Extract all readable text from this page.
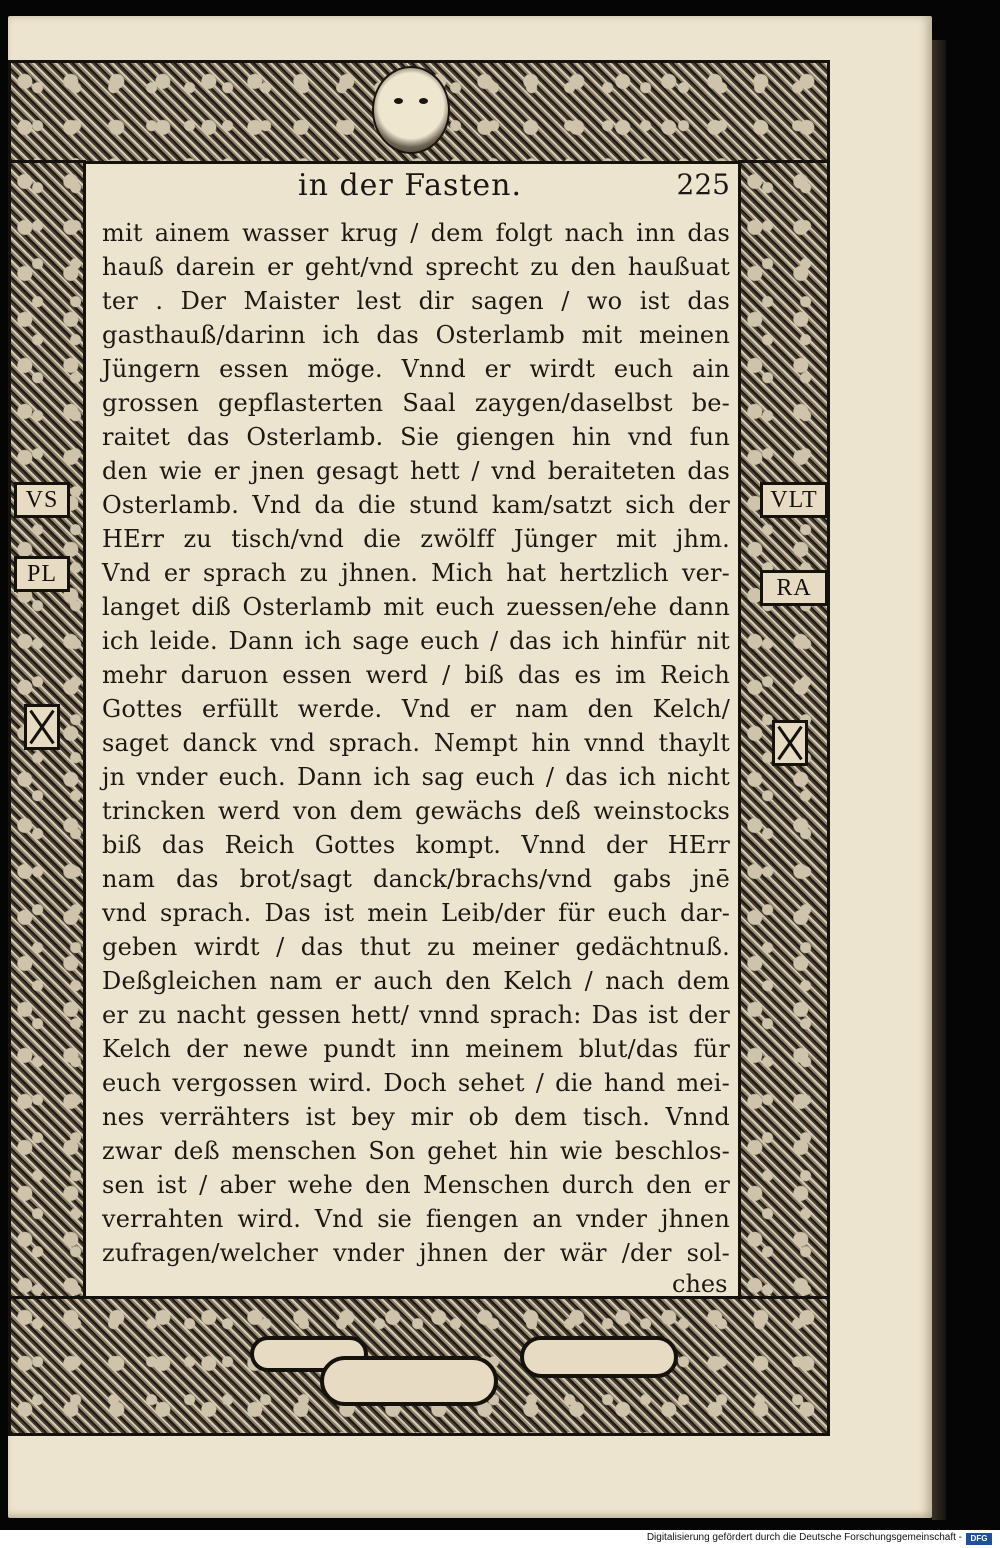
VS
PL
VLT
RA
in der Fasten.	225
mit ainem wasser krug / dem folgt nach inn das
hauß darein er geht/vnd sprecht zu den haußuat
ter . Der Maister lest dir sagen / wo ist das
gasthauß/darinn ich das Osterlamb mit meinen
Jüngern essen möge. Vnnd er wirdt euch ain
grossen gepflasterten Saal zaygen/daselbst be-
raitet das Osterlamb. Sie giengen hin vnd fun
den wie er jnen gesagt hett / vnd beraiteten das
Osterlamb. Vnd da die stund kam/satzt sich der
HErr zu tisch/vnd die zwölff Jünger mit jhm.
Vnd er sprach zu jhnen. Mich hat hertzlich ver-
langet diß Osterlamb mit euch zuessen/ehe dann
ich leide. Dann ich sage euch / das ich hinfür nit
mehr daruon essen werd / biß das es im Reich
Gottes erfüllt werde. Vnd er nam den Kelch/
saget danck vnd sprach. Nempt hin vnnd thaylt
jn vnder euch. Dann ich sag euch / das ich nicht
trincken werd von dem gewächs deß weinstocks
biß das Reich Gottes kompt. Vnnd der HErr
nam das brot/sagt danck/brachs/vnd gabs jnē
vnd sprach. Das ist mein Leib/der für euch dar-
geben wirdt / das thut zu meiner gedächtnuß.
Deßgleichen nam er auch den Kelch / nach dem
er zu nacht gessen hett/ vnnd sprach: Das ist der
Kelch der newe pundt inn meinem blut/das für
euch vergossen wird. Doch sehet / die hand mei-
nes verrähters ist bey mir ob dem tisch. Vnnd
zwar deß menschen Son gehet hin wie beschlos-
sen ist / aber wehe den Menschen durch den er
verrahten wird. Vnd sie fiengen an vnder jhnen
zufragen/welcher vnder jhnen der wär /der sol-
ches
Digitalisierung gefördert durch die Deutsche Forschungsgemeinschaft -	DFG
